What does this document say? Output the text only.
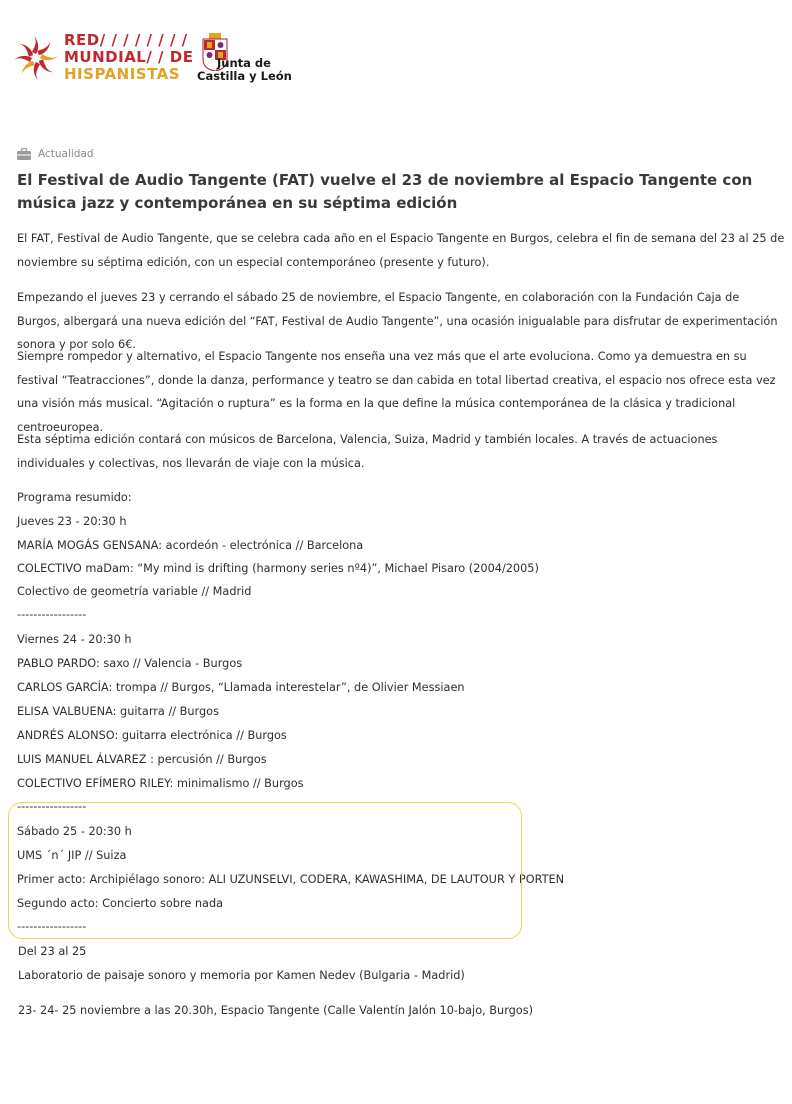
RED/ / / / / / / /
MUNDIAL/ / DE
HISPANISTAS
Junta de
Castilla y León
Actualidad
El Festival de Audio Tangente (FAT) vuelve el 23 de noviembre al Espacio Tangente con música jazz y contemporánea en su séptima edición

El FAT, Festival de Audio Tangente, que se celebra cada año en el Espacio Tangente en Burgos, celebra el fin de semana del 23 al 25 de noviembre su séptima edición, con un especial contemporáneo (presente y futuro).

Empezando el jueves 23 y cerrando el sábado 25 de noviembre, el Espacio Tangente, en colaboración con la Fundación Caja de Burgos, albergará una nueva edición del “FAT, Festival de Audio Tangente”, una ocasión inigualable para disfrutar de experimentación sonora y por solo 6€.

Siempre rompedor y alternativo, el Espacio Tangente nos enseña una vez más que el arte evoluciona. Como ya demuestra en su festival “Teatracciones”, donde la danza, performance y teatro se dan cabida en total libertad creativa, el espacio nos ofrece esta vez una visión más musical. “Agitación o ruptura” es la forma en la que define la música contemporánea de la clásica y tradicional centroeuropea.

Esta séptima edición contará con músicos de Barcelona, Valencia, Suiza, Madrid y también locales. A través de actuaciones individuales y colectivas, nos llevarán de viaje con la música.

Programa resumido:
Jueves 23 - 20:30 h
MARÍA MOGÁS GENSANA: acordeón - electrónica // Barcelona
COLECTIVO maDam: “My mind is drifting (harmony series nº4)”, Michael Pisaro (2004/2005)
Colectivo de geometría variable // Madrid
-----------------
Viernes 24 - 20:30 h
PABLO PARDO: saxo // Valencia - Burgos
CARLOS GARCÍA: trompa // Burgos, “Llamada interestelar”, de Olivier Messiaen
ELISA VALBUENA: guitarra // Burgos
ANDRÉS ALONSO: guitarra electrónica // Burgos
LUIS MANUEL ÁLVAREZ : percusión // Burgos
COLECTIVO EFÍMERO RILEY: minimalismo // Burgos
-----------------
Sábado 25 - 20:30 h
UMS ´n´ JIP // Suiza
Primer acto: Archipiélago sonoro: ALI UZUNSELVI, CODERA, KAWASHIMA, DE LAUTOUR Y PORTEN
Segundo acto: Concierto sobre nada
-----------------
Del 23 al 25
Laboratorio de paisaje sonoro y memoria por Kamen Nedev (Bulgaria - Madrid)
23- 24- 25 noviembre a las 20.30h, Espacio Tangente (Calle Valentín Jalón 10-bajo, Burgos)
